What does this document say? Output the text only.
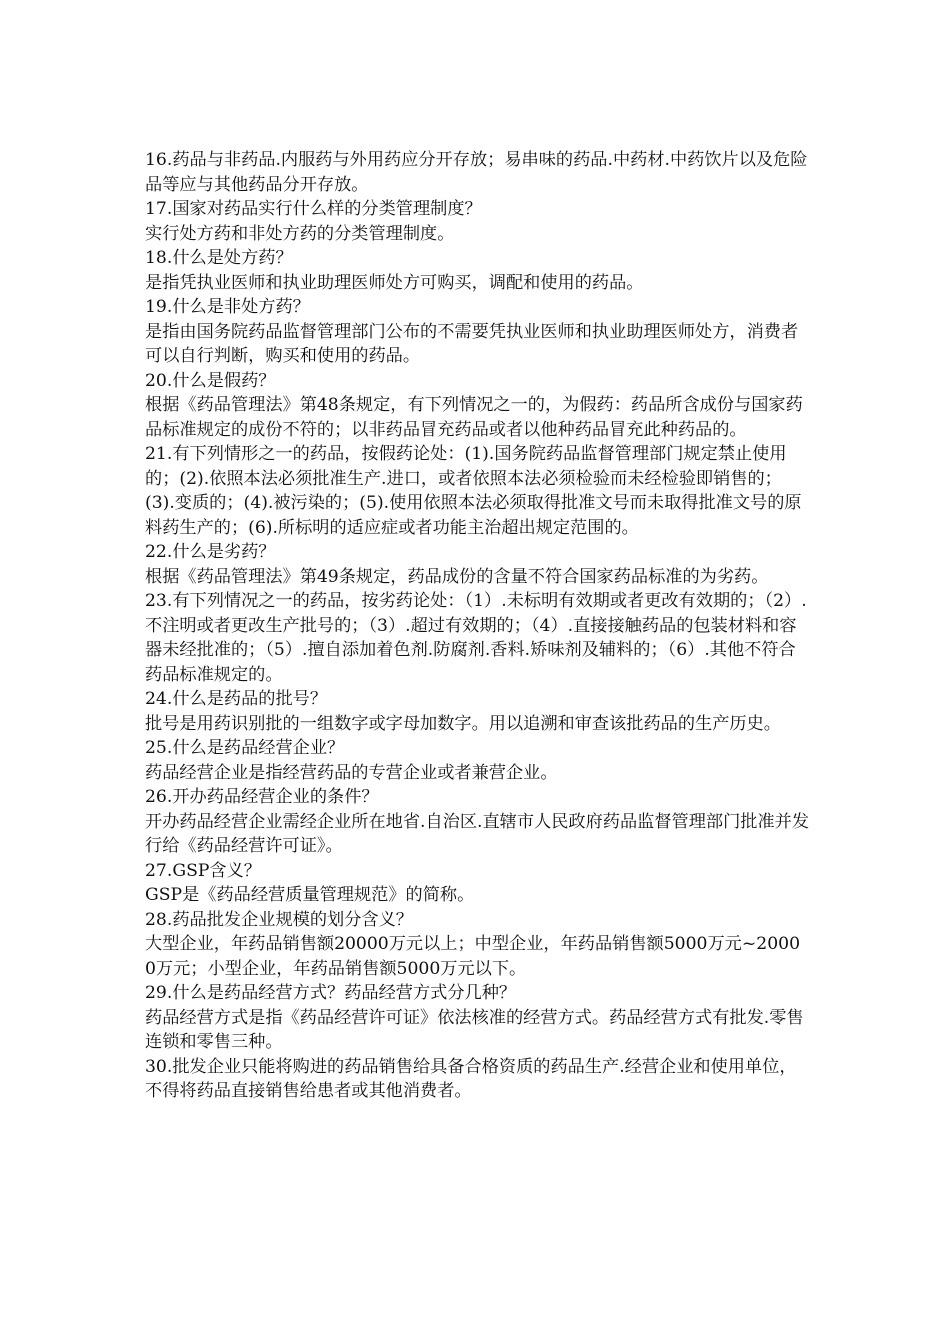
16.药品与非药品.内服药与外用药应分开存放；易串味的药品.中药材.中药饮片以及危险品等应与其他药品分开存放。

17.国家对药品实行什么样的分类管理制度？

实行处方药和非处方药的分类管理制度。

18.什么是处方药？

是指凭执业医师和执业助理医师处方可购买，调配和使用的药品。

19.什么是非处方药？

是指由国务院药品监督管理部门公布的不需要凭执业医师和执业助理医师处方，消费者可以自行判断，购买和使用的药品。

20.什么是假药？

根据《药品管理法》第48条规定，有下列情况之一的，为假药：药品所含成份与国家药品标准规定的成份不符的；以非药品冒充药品或者以他种药品冒充此种药品的。

21.有下列情形之一的药品，按假药论处：(1).国务院药品监督管理部门规定禁止使用的；(2).依照本法必须批准生产.进口，或者依照本法必须检验而未经检验即销售的；(3).变质的；(4).被污染的；(5).使用依照本法必须取得批准文号而未取得批准文号的原料药生产的；(6).所标明的适应症或者功能主治超出规定范围的。

22.什么是劣药？

根据《药品管理法》第49条规定，药品成份的含量不符合国家药品标准的为劣药。

23.有下列情况之一的药品，按劣药论处：（1）.未标明有效期或者更改有效期的；（2）.不注明或者更改生产批号的；（3）.超过有效期的；（4）.直接接触药品的包装材料和容器未经批准的；（5）.擅自添加着色剂.防腐剂.香料.矫味剂及辅料的；（6）.其他不符合药品标准规定的。

24.什么是药品的批号？

批号是用药识别批的一组数字或字母加数字。用以追溯和审查该批药品的生产历史。

25.什么是药品经营企业？

药品经营企业是指经营药品的专营企业或者兼营企业。

26.开办药品经营企业的条件？

开办药品经营企业需经企业所在地省.自治区.直辖市人民政府药品监督管理部门批准并发行给《药品经营许可证》。

27.GSP含义？

GSP是《药品经营质量管理规范》的简称。

28.药品批发企业规模的划分含义？

大型企业，年药品销售额20000万元以上；中型企业，年药品销售额5000万元~20000万元；小型企业，年药品销售额5000万元以下。

29.什么是药品经营方式？药品经营方式分几种？

药品经营方式是指《药品经营许可证》依法核准的经营方式。药品经营方式有批发.零售连锁和零售三种。

30.批发企业只能将购进的药品销售给具备合格资质的药品生产.经营企业和使用单位，不得将药品直接销售给患者或其他消费者。
